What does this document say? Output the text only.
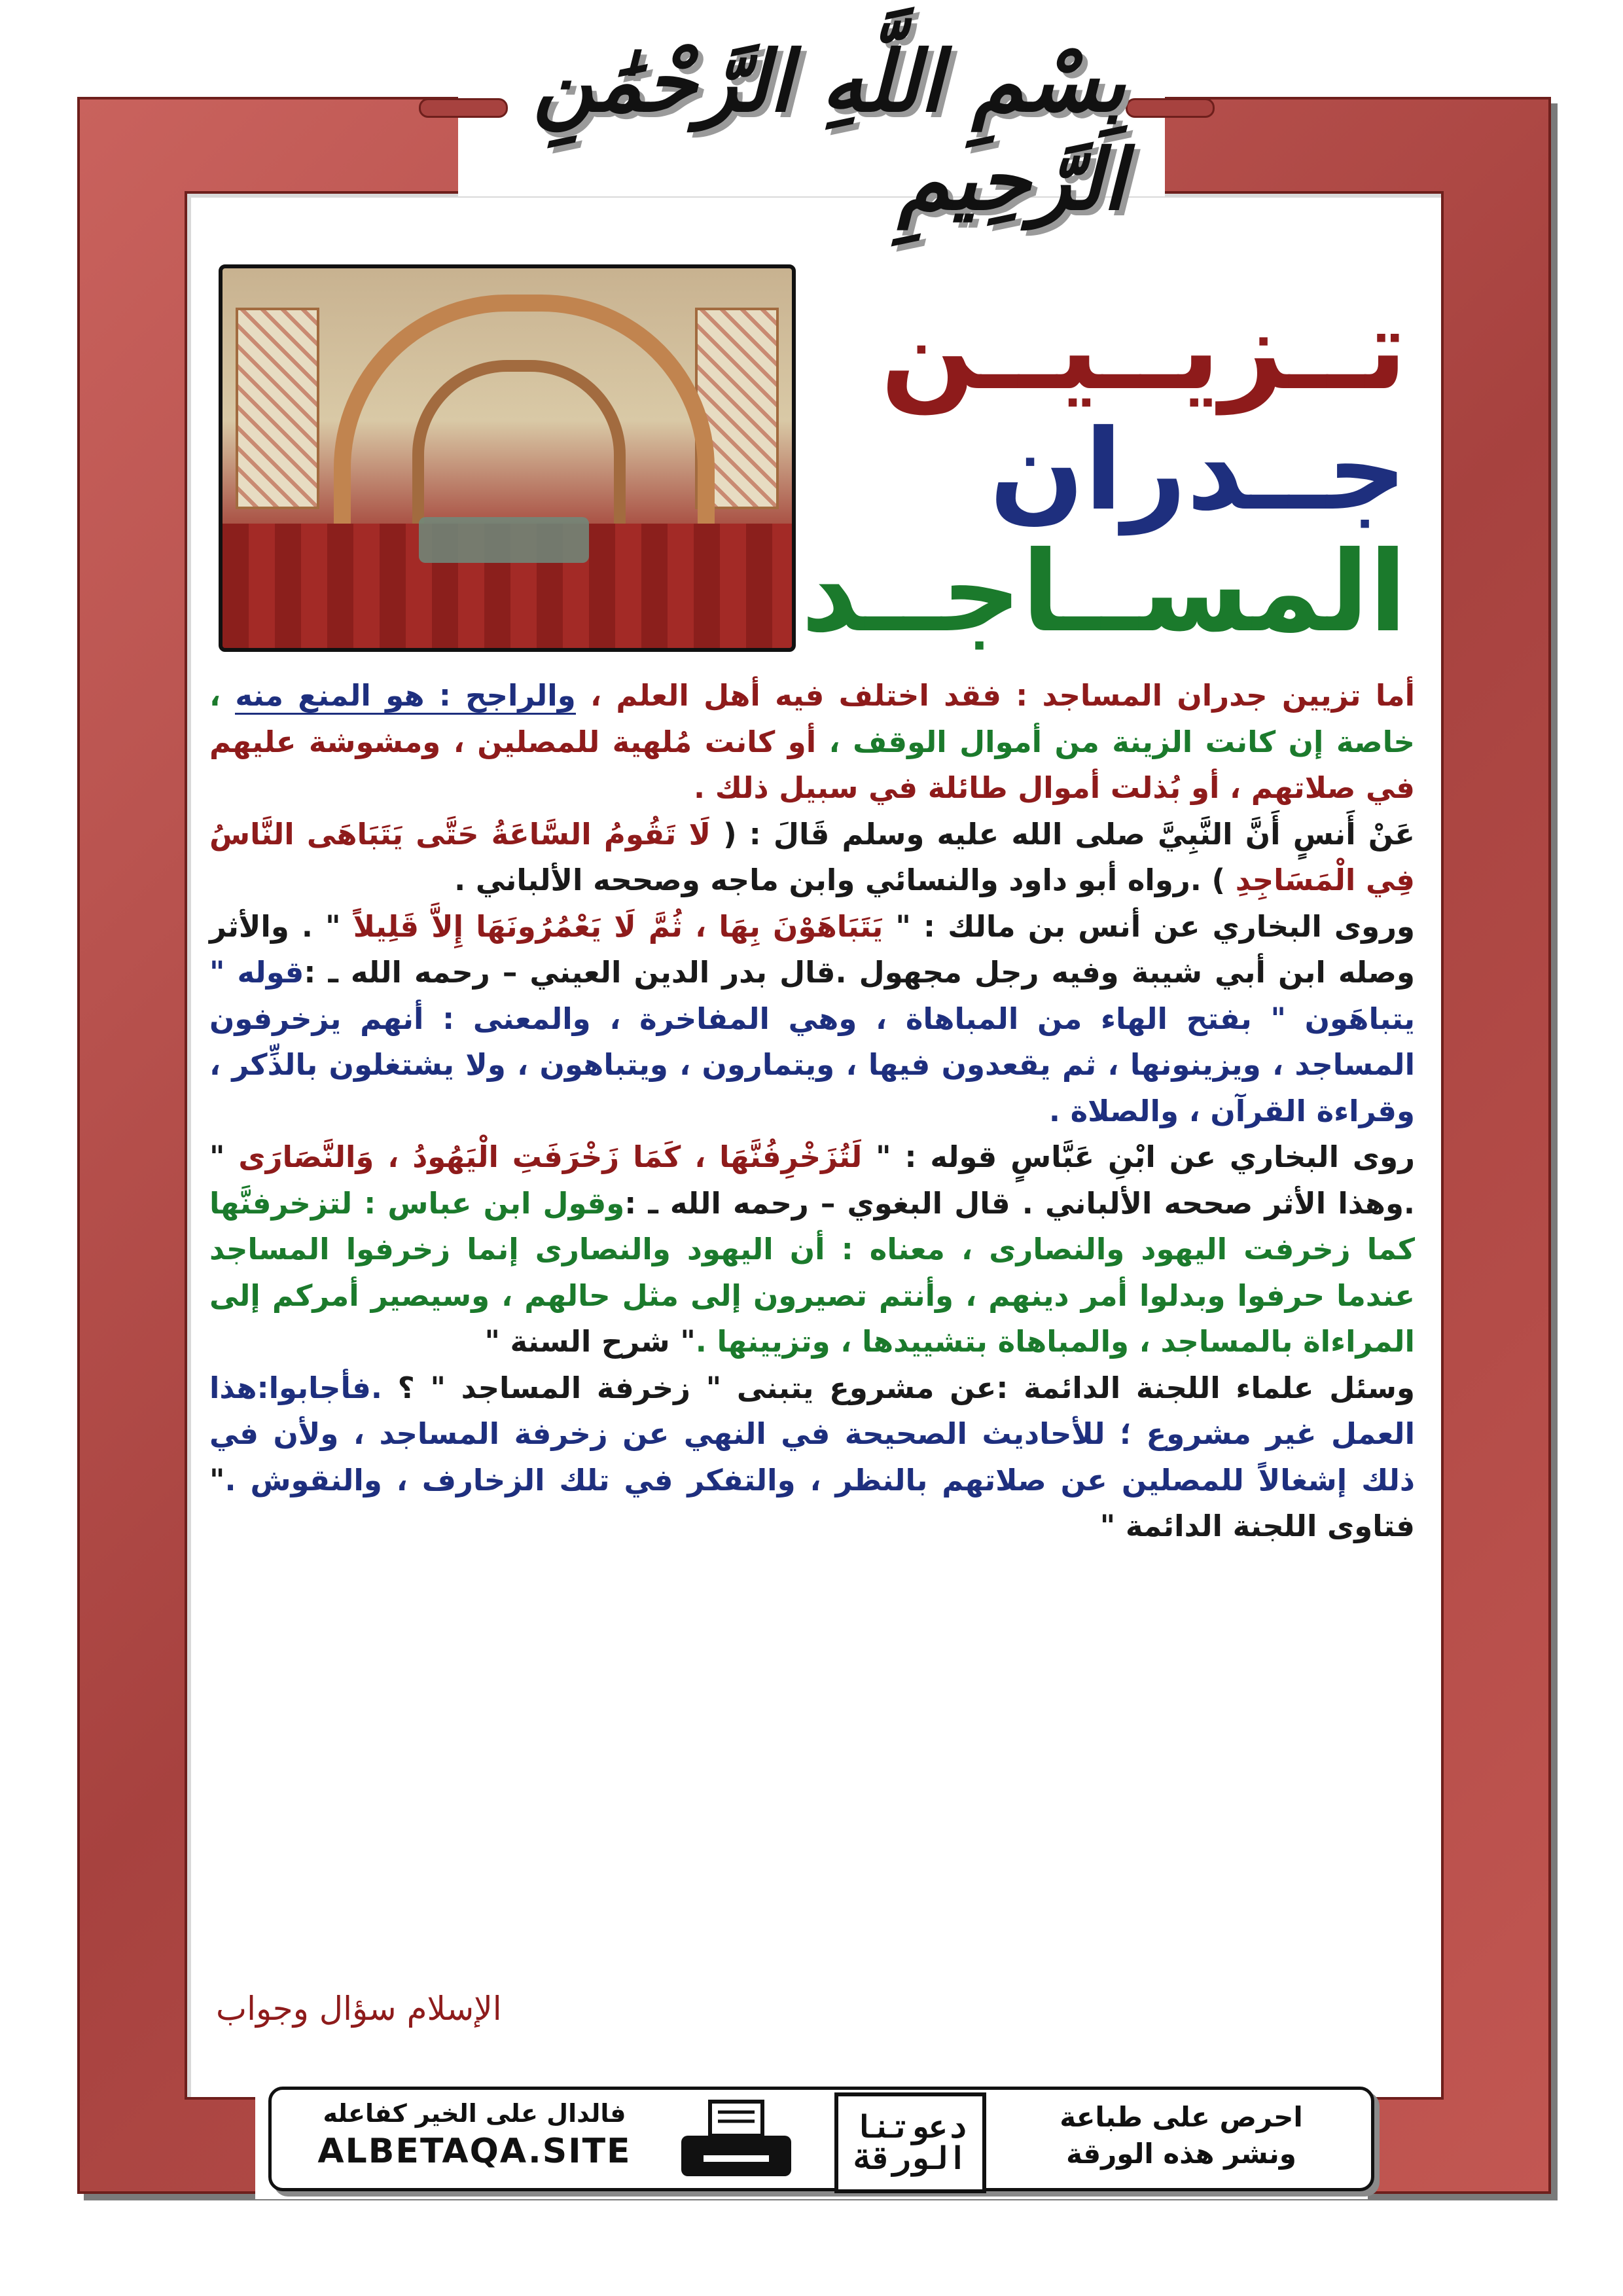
بِسْمِ اللَّهِ الرَّحْمَٰنِ الرَّحِيمِ
تــزيــيــن
جــدران
المســاجــد

أما تزيين جدران المساجد : فقد اختلف فيه أهل العلم ، والراجح : هو المنع منه ، خاصة إن كانت الزينة من أموال الوقف ، أو كانت مُلهية للمصلين ، ومشوشة عليهم في صلاتهم ، أو بُذلت أموال طائلة في سبيل ذلك .

عَنْ أَنسٍ أَنَّ النَّبِيَّ صلى الله عليه وسلم قَالَ : ( لَا تَقُومُ السَّاعَةُ حَتَّى يَتَبَاهَى النَّاسُ فِي الْمَسَاجِدِ ) .رواه أبو داود والنسائي وابن ماجه وصححه الألباني .

وروى البخاري عن أنس بن مالك : " يَتَبَاهَوْنَ بِهَا ، ثُمَّ لَا يَعْمُرُونَهَا إِلاَّ قَلِيلاً " . والأثر وصله ابن أبي شيبة وفيه رجل مجهول .قال بدر الدين العيني – رحمه الله ـ :قوله " يتباهَون " بفتح الهاء من المباهاة ، وهي المفاخرة ، والمعنى : أنهم يزخرفون المساجد ، ويزينونها ، ثم يقعدون فيها ، ويتمارون ، ويتباهون ، ولا يشتغلون بالذِّكر ، وقراءة القرآن ، والصلاة .

روى البخاري عن ابْنِ عَبَّاسٍ قوله : " لَتُزَخْرِفُنَّهَا ، كَمَا زَخْرَفَتِ الْيَهُودُ ، وَالنَّصَارَى " .وهذا الأثر صححه الألباني . قال البغوي – رحمه الله ـ :وقول ابن عباس : لتزخرفنَّها كما زخرفت اليهود والنصارى ، معناه : أن اليهود والنصارى إنما زخرفوا المساجد عندما حرفوا وبدلوا أمر دينهم ، وأنتم تصيرون إلى مثل حالهم ، وسيصير أمركم إلى المراءاة بالمساجد ، والمباهاة بتشييدها ، وتزيينها ." شرح السنة "

وسئل علماء اللجنة الدائمة :عن مشروع يتبنى " زخرفة المساجد " ؟ .فأجابوا:هذا العمل غير مشروع ؛ للأحاديث الصحيحة في النهي عن زخرفة المساجد ، ولأن في ذلك إشغالاً للمصلين عن صلاتهم بالنظر ، والتفكر في تلك الزخارف ، والنقوش ." فتاوى اللجنة الدائمة "

الإسلام سؤال وجواب
فالدال على الخير كفاعله
ALBETAQA.SITE
دعوتنا
الورقة
احرص على طباعة
ونشر هذه الورقة
